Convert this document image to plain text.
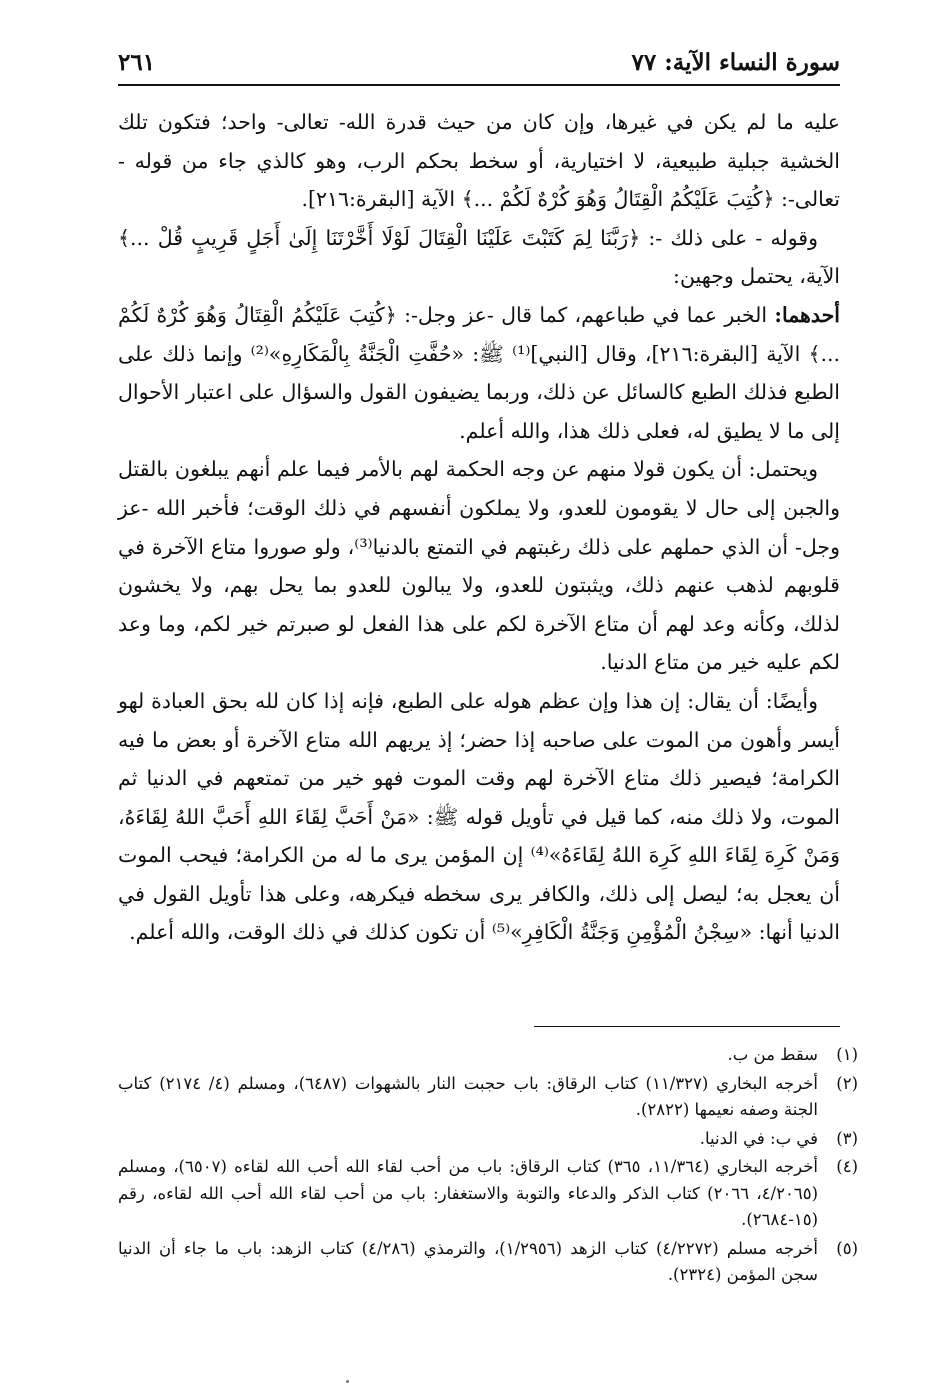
سورة النساء الآية: ٧٧
٢٦١

عليه ما لم يكن في غيرها، وإن كان من حيث قدرة الله- تعالى- واحد؛ فتكون تلك الخشية جبلية طبيعية، لا اختيارية، أو سخط بحكم الرب، وهو كالذي جاء من قوله - تعالى-: ﴿كُتِبَ عَلَيْكُمُ الْقِتَالُ وَهُوَ كُرْهٌ لَكُمْ ...﴾ الآية [البقرة:٢١٦].

وقوله - على ذلك -: ﴿رَبَّنَا لِمَ كَتَبْتَ عَلَيْنَا الْقِتَالَ لَوْلَا أَخَّرْتَنَا إِلَىٰ أَجَلٍ قَرِيبٍ قُلْ ...﴾ الآية، يحتمل وجهين:

أحدهما: الخبر عما في طباعهم، كما قال -عز وجل-: ﴿كُتِبَ عَلَيْكُمُ الْقِتَالُ وَهُوَ كُرْهٌ لَكُمْ ...﴾ الآية [البقرة:٢١٦]، وقال [النبي]⁽¹⁾ ﷺ: «حُفَّتِ الْجَنَّةُ بِالْمَكَارِهِ»⁽²⁾ وإنما ذلك على الطبع فذلك الطبع كالسائل عن ذلك، وربما يضيفون القول والسؤال على اعتبار الأحوال إلى ما لا يطيق له، فعلى ذلك هذا، والله أعلم.

ويحتمل: أن يكون قولا منهم عن وجه الحكمة لهم بالأمر فيما علم أنهم يبلغون بالقتل والجبن إلى حال لا يقومون للعدو، ولا يملكون أنفسهم في ذلك الوقت؛ فأخبر الله -عز وجل- أن الذي حملهم على ذلك رغبتهم في التمتع بالدنيا⁽³⁾، ولو صوروا متاع الآخرة في قلوبهم لذهب عنهم ذلك، ويثبتون للعدو، ولا يبالون للعدو بما يحل بهم، ولا يخشون لذلك، وكأنه وعد لهم أن متاع الآخرة لكم على هذا الفعل لو صبرتم خير لكم، وما وعد لكم عليه خير من متاع الدنيا.

وأيضًا: أن يقال: إن هذا وإن عظم هوله على الطبع، فإنه إذا كان لله بحق العبادة لهو أيسر وأهون من الموت على صاحبه إذا حضر؛ إذ يريهم الله متاع الآخرة أو بعض ما فيه الكرامة؛ فيصير ذلك متاع الآخرة لهم وقت الموت فهو خير من تمتعهم في الدنيا ثم الموت، ولا ذلك منه، كما قيل في تأويل قوله ﷺ: «مَنْ أَحَبَّ لِقَاءَ اللهِ أَحَبَّ اللهُ لِقَاءَهُ، وَمَنْ كَرِهَ لِقَاءَ اللهِ كَرِهَ اللهُ لِقَاءَهُ»⁽⁴⁾ إن المؤمن يرى ما له من الكرامة؛ فيحب الموت أن يعجل به؛ ليصل إلى ذلك، والكافر يرى سخطه فيكرهه، وعلى هذا تأويل القول في الدنيا أنها: «سِجْنُ الْمُؤْمِنِ وَجَنَّةُ الْكَافِرِ»⁽⁵⁾ أن تكون كذلك في ذلك الوقت، والله أعلم.

(١)
سقط من ب.
(٢)
أخرجه البخاري (١١/٣٢٧) كتاب الرقاق: باب حجبت النار بالشهوات (٦٤٨٧)، ومسلم (٤/ ٢١٧٤) كتاب الجنة وصفه نعيمها (٢٨٢٢).
(٣)
في ب: في الدنيا.
(٤)
أخرجه البخاري (١١/٣٦٤، ٣٦٥) كتاب الرقاق: باب من أحب لقاء الله أحب الله لقاءه (٦٥٠٧)، ومسلم (٤/٢٠٦٥، ٢٠٦٦) كتاب الذكر والدعاء والتوبة والاستغفار: باب من أحب لقاء الله أحب الله لقاءه، رقم (١٥-٢٦٨٤).
(٥)
أخرجه مسلم (٤/٢٢٧٢) كتاب الزهد (١/٢٩٥٦)، والترمذي (٤/٢٨٦) كتاب الزهد: باب ما جاء أن الدنيا سجن المؤمن (٢٣٢٤).
